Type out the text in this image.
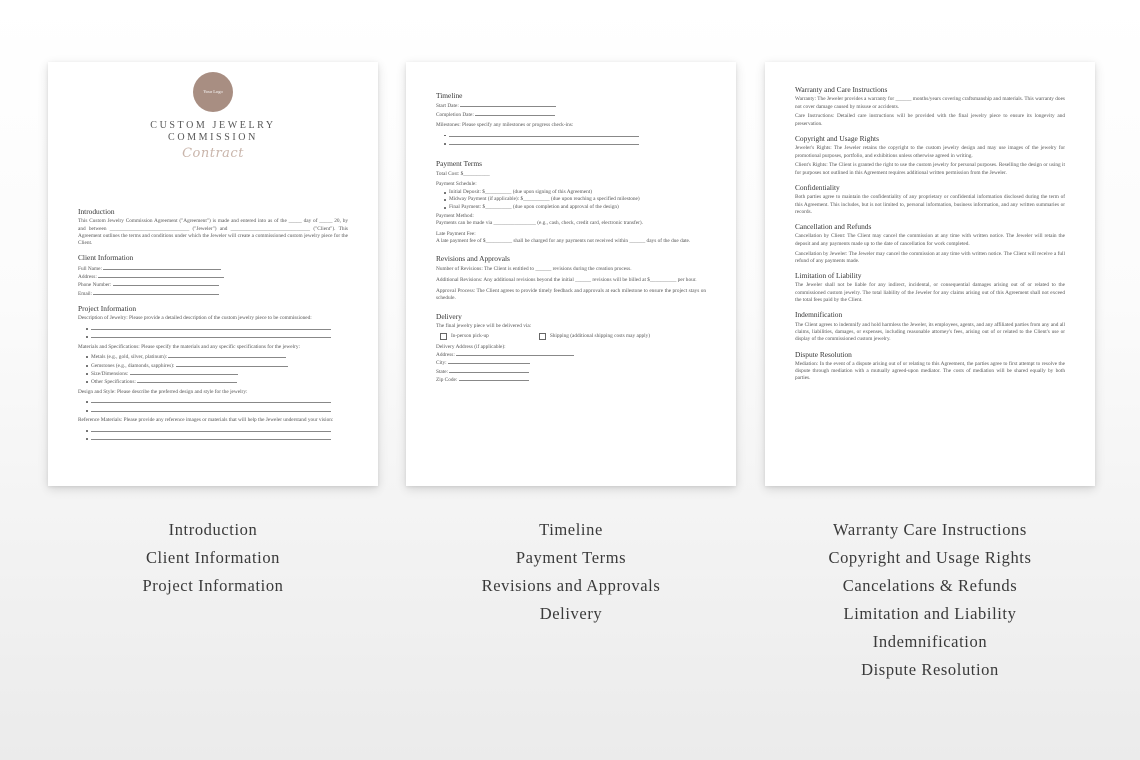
Your Logo
CUSTOM JEWELRY
COMMISSION
Contract
Introduction

This Custom Jewelry Commission Agreement ("Agreement") is made and entered into as of the _____ day of _____ 20, by and between ______________________________ ("Jeweler") and ______________________________ ("Client"). This Agreement outlines the terms and conditions under which the Jeweler will create a commissioned custom jewelry piece for the Client.

Client Information
Full Name:
Address:
Phone Number:
Email:
Project Information

Description of Jewelry: Please provide a detailed description of the custom jewelry piece to be commissioned:

Materials and Specifications: Please specify the materials and any specific specifications for the jewelry:

Metals (e.g., gold, silver, platinum):
Gemstones (e.g., diamonds, sapphires):
Size/Dimensions:
Other Specifications:

Design and Style: Please describe the preferred design and style for the jewelry:

Reference Materials: Please provide any reference images or materials that will help the Jeweler understand your vision:

Timeline
Start Date:
Completion Date:

Milestones: Please specify any milestones or progress check-ins:

Payment Terms
Total Cost: $__________
Payment Schedule:
Initial Deposit: $__________ (due upon signing of this Agreement)
Midway Payment (if applicable): $__________ (due upon reaching a specified milestone)
Final Payment: $__________ (due upon completion and approval of the design)
Payment Method:
Payments can be made via ________________ (e.g., cash, check, credit card, electronic transfer).
Late Payment Fee:

A late payment fee of $__________ shall be charged for any payments not received within ______ days of the due date.

Revisions and Approvals

Number of Revisions: The Client is entitled to ______ revisions during the creation process.

Additional Revisions: Any additional revisions beyond the initial ______ revisions will be billed at $__________ per hour.

Approval Process: The Client agrees to provide timely feedback and approvals at each milestone to ensure the project stays on schedule.

Delivery
The final jewelry piece will be delivered via:
In-person pick-up	Shipping (additional shipping costs may apply)
Delivery Address (if applicable):
Address:
City:
State:
Zip Code:
Warranty and Care Instructions

Warranty: The Jeweler provides a warranty for ______ months/years covering craftsmanship and materials. This warranty does not cover damage caused by misuse or accidents.

Care Instructions: Detailed care instructions will be provided with the final jewelry piece to ensure its longevity and preservation.

Copyright and Usage Rights

Jeweler's Rights: The Jeweler retains the copyright to the custom jewelry design and may use images of the jewelry for promotional purposes, portfolio, and exhibitions unless otherwise agreed in writing.

Client's Rights: The Client is granted the right to use the custom jewelry for personal purposes. Reselling the design or using it for purposes not outlined in this Agreement requires additional written permission from the Jeweler.

Confidentiality

Both parties agree to maintain the confidentiality of any proprietary or confidential information disclosed during the term of this Agreement. This includes, but is not limited to, personal information, business information, and any written summaries or records.

Cancellation and Refunds

Cancellation by Client: The Client may cancel the commission at any time with written notice. The Jeweler will retain the deposit and any payments made up to the date of cancellation for work completed.

Cancellation by Jeweler: The Jeweler may cancel the commission at any time with written notice. The Client will receive a full refund of any payments made.

Limitation of Liability

The Jeweler shall not be liable for any indirect, incidental, or consequential damages arising out of or related to the commissioned custom jewelry. The total liability of the Jeweler for any claims arising out of this Agreement shall not exceed the total fees paid by the Client.

Indemnification

The Client agrees to indemnify and hold harmless the Jeweler, its employees, agents, and any affiliated parties from any and all claims, liabilities, damages, or expenses, including reasonable attorney's fees, arising out of or related to the Client's use or display of the commissioned custom jewelry.

Dispute Resolution

Mediation: In the event of a dispute arising out of or relating to this Agreement, the parties agree to first attempt to resolve the dispute through mediation with a mutually agreed-upon mediator. The costs of mediation will be shared equally by both parties.

Introduction
Client Information
Project Information
Timeline
Payment Terms
Revisions and Approvals
Delivery
Warranty Care Instructions
Copyright and Usage Rights
Cancelations & Refunds
Limitation and Liability
Indemnification
Dispute Resolution
